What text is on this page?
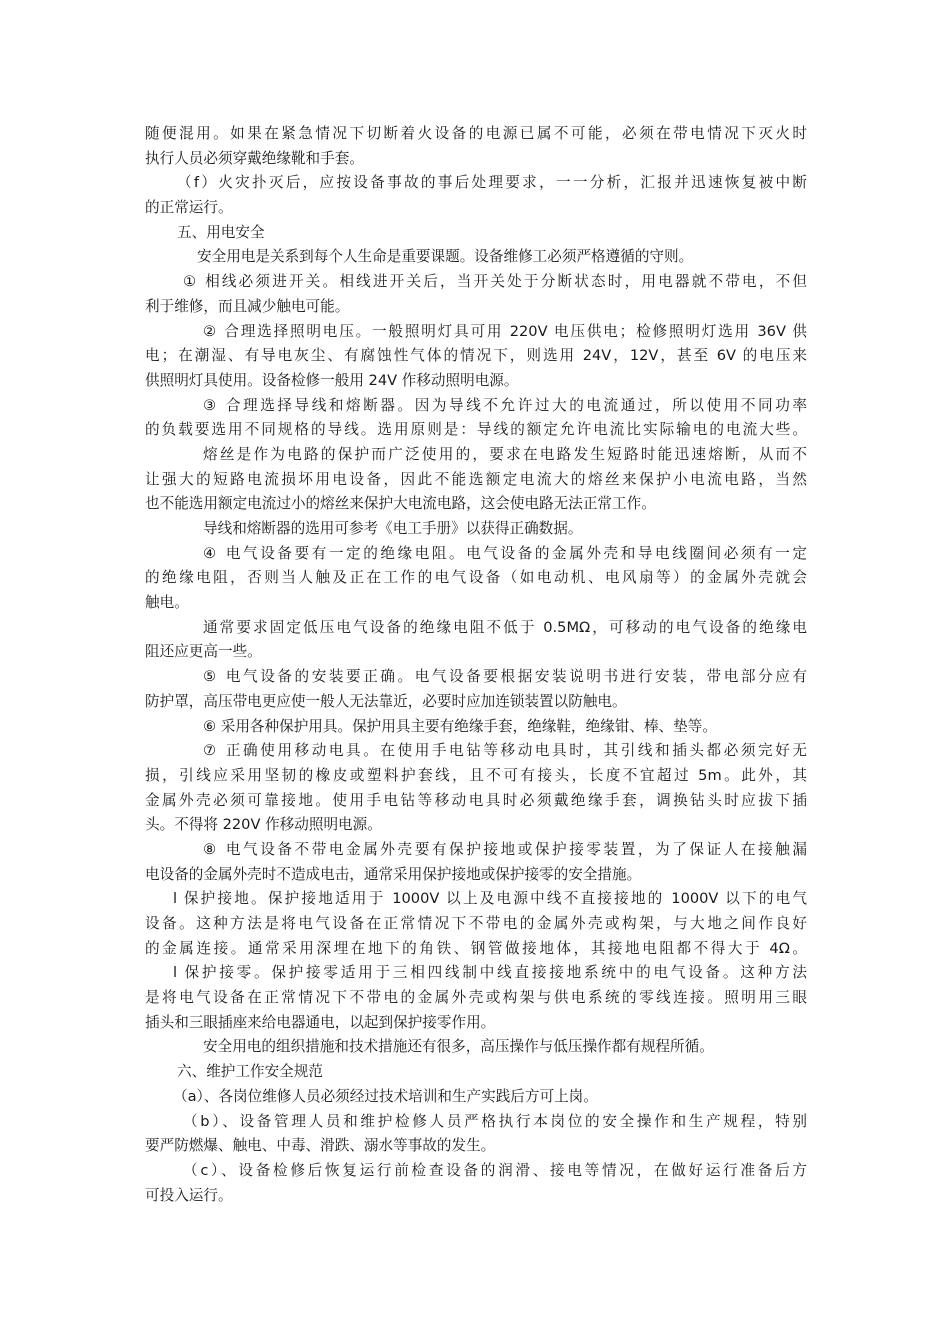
随便混用。如果在紧急情况下切断着火设备的电源已属不可能，必须在带电情况下灭火时
执行人员必须穿戴绝缘靴和手套。
（f）火灾扑灭后，应按设备事故的事后处理要求，一一分析，汇报并迅速恢复被中断
的正常运行。
五、用电安全
安全用电是关系到每个人生命是重要课题。设备维修工必须严格遵循的守则。
① 相线必须进开关。相线进开关后，当开关处于分断状态时，用电器就不带电，不但
利于维修，而且减少触电可能。
② 合理选择照明电压。一般照明灯具可用 220V 电压供电；检修照明灯选用 36V 供
电；在潮湿、有导电灰尘、有腐蚀性气体的情况下，则选用 24V，12V，甚至 6V 的电压来
供照明灯具使用。设备检修一般用 24V 作移动照明电源。
③ 合理选择导线和熔断器。因为导线不允许过大的电流通过，所以使用不同功率
的负载要选用不同规格的导线。选用原则是：导线的额定允许电流比实际输电的电流大些。
熔丝是作为电路的保护而广泛使用的，要求在电路发生短路时能迅速熔断，从而不
让强大的短路电流损坏用电设备，因此不能选额定电流大的熔丝来保护小电流电路，当然
也不能选用额定电流过小的熔丝来保护大电流电路，这会使电路无法正常工作。
导线和熔断器的选用可参考《电工手册》以获得正确数据。
④ 电气设备要有一定的绝缘电阻。电气设备的金属外壳和导电线圈间必须有一定
的绝缘电阻，否则当人触及正在工作的电气设备（如电动机、电风扇等）的金属外壳就会
触电。
通常要求固定低压电气设备的绝缘电阻不低于 0.5MΩ，可移动的电气设备的绝缘电
阻还应更高一些。
⑤ 电气设备的安装要正确。电气设备要根据安装说明书进行安装，带电部分应有
防护罩，高压带电更应使一般人无法靠近，必要时应加连锁装置以防触电。
⑥ 采用各种保护用具。保护用具主要有绝缘手套，绝缘鞋，绝缘钳、棒、垫等。
⑦ 正确使用移动电具。在使用手电钻等移动电具时，其引线和插头都必须完好无
损，引线应采用坚韧的橡皮或塑料护套线，且不可有接头，长度不宜超过 5m。此外，其
金属外壳必须可靠接地。使用手电钻等移动电具时必须戴绝缘手套，调换钻头时应拔下插
头。不得将 220V 作移动照明电源。
⑧ 电气设备不带电金属外壳要有保护接地或保护接零装置，为了保证人在接触漏
电设备的金属外壳时不造成电击，通常采用保护接地或保护接零的安全措施。
l 保护接地。保护接地适用于 1000V 以上及电源中线不直接接地的 1000V 以下的电气
设备。这种方法是将电气设备在正常情况下不带电的金属外壳或构架，与大地之间作良好
的金属连接。通常采用深埋在地下的角铁、钢管做接地体，其接地电阻都不得大于 4Ω。
l 保护接零。保护接零适用于三相四线制中线直接接地系统中的电气设备。这种方法
是将电气设备在正常情况下不带电的金属外壳或构架与供电系统的零线连接。照明用三眼
插头和三眼插座来给电器通电，以起到保护接零作用。
安全用电的组织措施和技术措施还有很多，高压操作与低压操作都有规程所循。
六、维护工作安全规范
（a）、各岗位维修人员必须经过技术培训和生产实践后方可上岗。
（b）、设备管理人员和维护检修人员严格执行本岗位的安全操作和生产规程，特别
要严防燃爆、触电、中毒、滑跌、溺水等事故的发生。
（c）、设备检修后恢复运行前检查设备的润滑、接电等情况，在做好运行准备后方
可投入运行。
